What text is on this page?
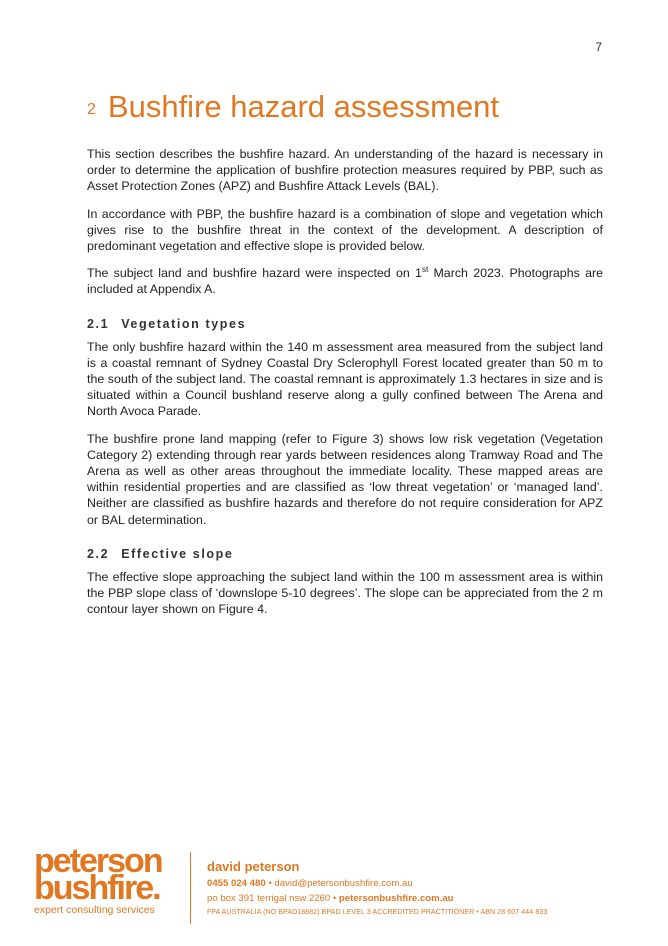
7
2 Bushfire hazard assessment

This section describes the bushfire hazard. An understanding of the hazard is necessary in order to determine the application of bushfire protection measures required by PBP, such as Asset Protection Zones (APZ) and Bushfire Attack Levels (BAL).

In accordance with PBP, the bushfire hazard is a combination of slope and vegetation which gives rise to the bushfire threat in the context of the development. A description of predominant vegetation and effective slope is provided below.

The subject land and bushfire hazard were inspected on 1st March 2023. Photographs are included at Appendix A.

2.1 Vegetation types

The only bushfire hazard within the 140 m assessment area measured from the subject land is a coastal remnant of Sydney Coastal Dry Sclerophyll Forest located greater than 50 m to the south of the subject land. The coastal remnant is approximately 1.3 hectares in size and is situated within a Council bushland reserve along a gully confined between The Arena and North Avoca Parade.

The bushfire prone land mapping (refer to Figure 3) shows low risk vegetation (Vegetation Category 2) extending through rear yards between residences along Tramway Road and The Arena as well as other areas throughout the immediate locality. These mapped areas are within residential properties and are classified as ‘low threat vegetation’ or ‘managed land’. Neither are classified as bushfire hazards and therefore do not require consideration for APZ or BAL determination.

2.2 Effective slope

The effective slope approaching the subject land within the 100 m assessment area is within the PBP slope class of ‘downslope 5-10 degrees’. The slope can be appreciated from the 2 m contour layer shown on Figure 4.

peterson
bushfire.
expert consulting services
david peterson
0455 024 480 • david@petersonbushfire.com.au
po box 391 terrigal nsw 2260 • petersonbushfire.com.au
FPA AUSTRALIA (NO BPAD18882) BPAD LEVEL 3 ACCREDITED PRACTITIONER • ABN 28 607 444 833
